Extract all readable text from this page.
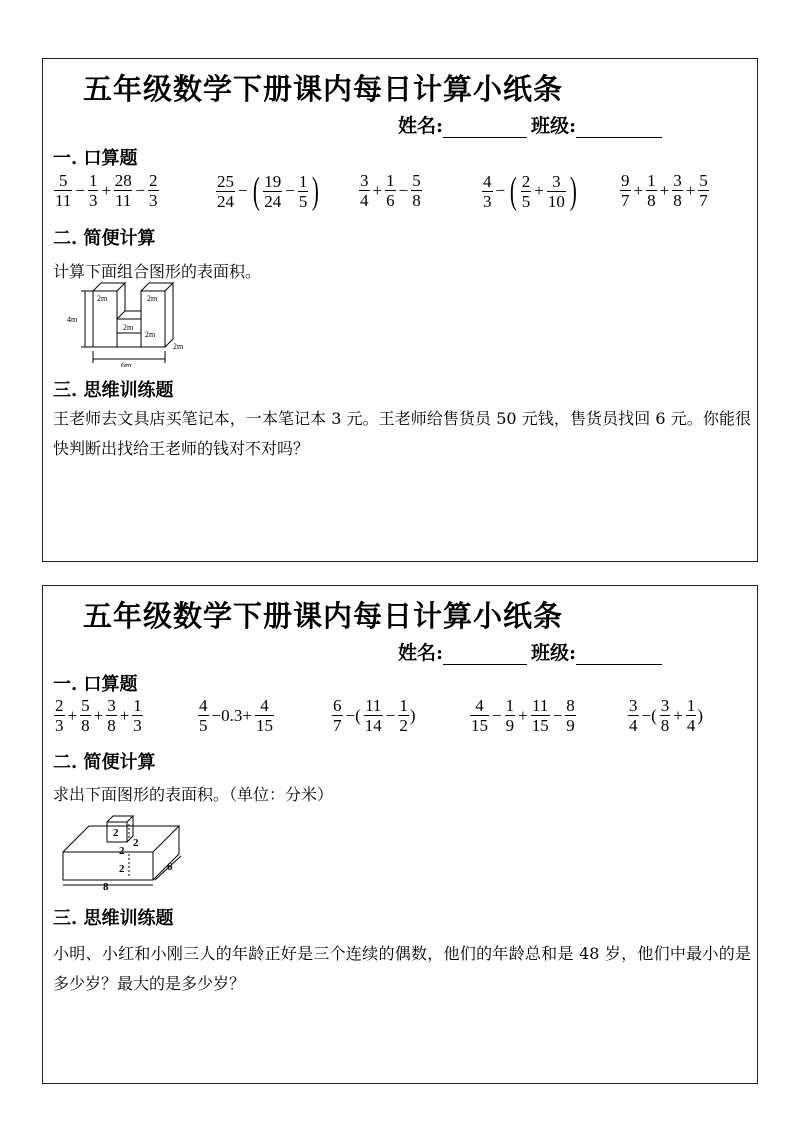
五年级数学下册课内每日计算小纸条
姓名:	班级:
一. 口算题
$\frac{5}{11} - \frac{1}{3} + \frac{28}{11} - \frac{2}{3}$	$\frac{25}{24}$ − ( $\frac{19}{24} - \frac{1}{5}$ ) $\frac{3}{4} + \frac{1}{6} - \frac{5}{8}$	$\frac{4}{3}$ − ( $\frac{2}{5} + \frac{3}{10}$ )	$\frac{9}{7} + \frac{1}{8} + \frac{3}{8} + \frac{5}{7}$
二. 简便计算
计算下面组合图形的表面积。
2m	2m
2m
2m
4m
2m
6m
三. 思维训练题
王老师去文具店买笔记本，一本笔记本 3 元。王老师给售货员 50 元钱，售货员找回 6 元。你能很快判断出找给王老师的钱对不对吗？
五年级数学下册课内每日计算小纸条
姓名:	班级:
一. 口算题
$\frac{2}{3} + \frac{5}{8} + \frac{3}{8} + \frac{1}{3}$	$\frac{4}{5} -0.3+ \frac{4}{15}$	$\frac{6}{7}$ −( $\frac{11}{14} - \frac{1}{2}$ )	$\frac{4}{15} - \frac{1}{9} + \frac{11}{15} - \frac{8}{9}$	$\frac{3}{4}$ −( $\frac{3}{8} + \frac{1}{4}$ )
二. 简便计算
求出下面图形的表面积。（单位：分米）
2
2
2
2	6
8
三. 思维训练题
小明、小红和小刚三人的年龄正好是三个连续的偶数，他们的年龄总和是 48 岁，他们中最小的是多少岁？最大的是多少岁？
